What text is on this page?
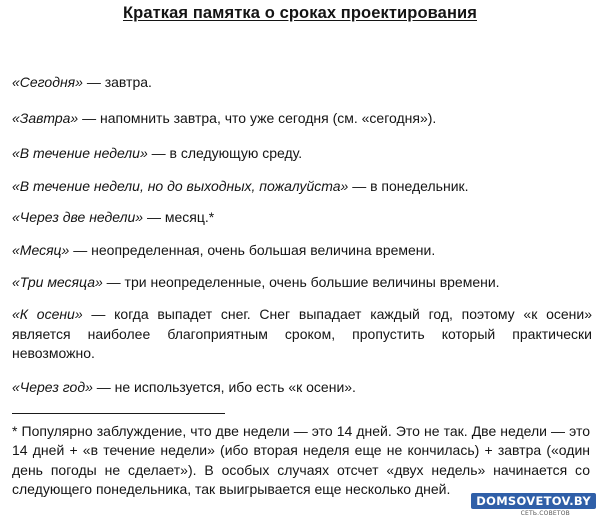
Краткая памятка о сроках проектирования
«Сегодня» — завтра.
«Завтра» — напомнить завтра, что уже сегодня (см. «сегодня»).
«В течение недели» — в следующую среду.
«В течение недели, но до выходных, пожалуйста» — в понедельник.
«Через две недели» — месяц.*
«Месяц» — неопределенная, очень большая величина времени.
«Три месяца» — три неопределенные, очень большие величины времени.
«К осени» — когда выпадет снег. Снег выпадает каждый год, поэтому «к осени» является наиболее благоприятным сроком, пропустить который практически невозможно.
«Через год» — не используется, ибо есть «к осени».
* Популярно заблуждение, что две недели — это 14 дней. Это не так. Две недели — это 14 дней + «в течение недели» (ибо вторая неделя еще не кончилась) + завтра («один день погоды не сделает»). В особых случаях отсчет «двух недель» начинается со следующего понедельника, так выигрывается еще несколько дней.
DOMSOVETOV.BY
СЕТЬ.СОВЕТОВ
